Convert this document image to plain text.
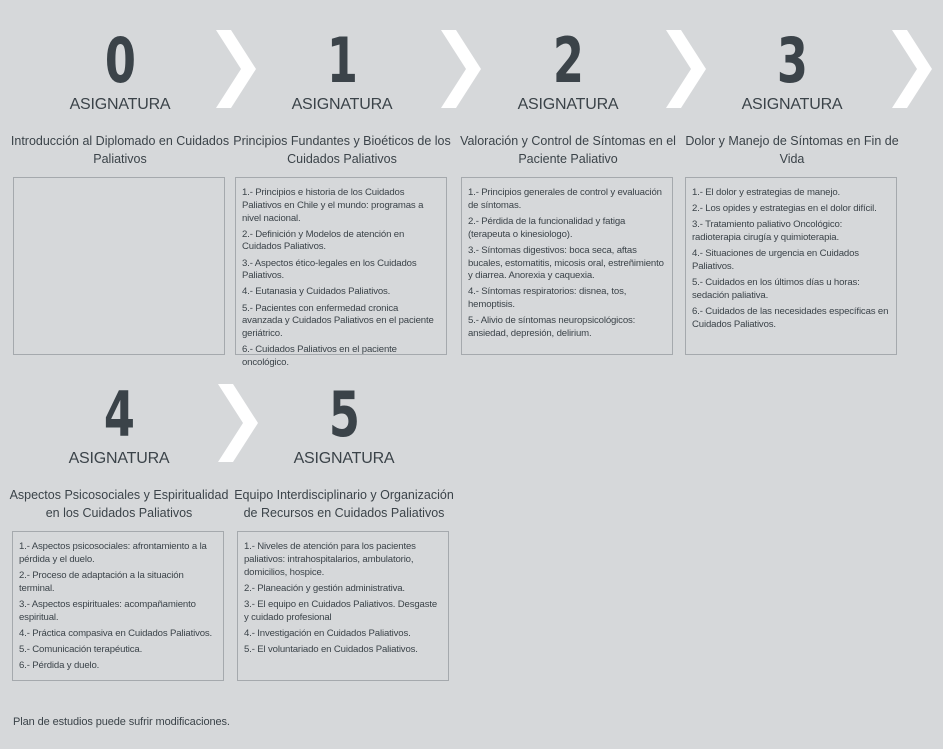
0
ASIGNATURA
Introducción al Diplomado en Cuidados Paliativos
1
ASIGNATURA
Principios Fundantes y Bioéticos de los Cuidados Paliativos
1.- Principios e historia de los Cuidados Paliativos en Chile y el mundo: programas a nivel nacional.
2.- Definición y Modelos de atención en Cuidados Paliativos.
3.- Aspectos ético-legales en los Cuidados Paliativos.
4.- Eutanasia y Cuidados Paliativos.
5.- Pacientes con enfermedad cronica avanzada y Cuidados Paliativos en el paciente geriátrico.
6.- Cuidados Paliativos en el paciente oncológico.
2
ASIGNATURA
Valoración y Control de Síntomas en el Paciente Paliativo
1.- Principios generales de control y evaluación de síntomas.
2.- Pérdida de la funcionalidad y fatiga (terapeuta o kinesiologo).
3.- Síntomas digestivos: boca seca, aftas bucales, estomatitis, micosis oral, estreñimiento y diarrea. Anorexia y caquexia.
4.- Síntomas respiratorios: disnea, tos, hemoptisis.
5.- Alivio de síntomas neuropsicológicos: ansiedad, depresión, delirium.
3
ASIGNATURA
Dolor y Manejo de Síntomas en Fin de Vida
1.- El dolor y estrategias de manejo.
2.- Los opides y estrategias en el dolor difícil.
3.- Tratamiento paliativo Oncológico: radioterapia cirugía y quimioterapia.
4.- Situaciones de urgencia en Cuidados Paliativos.
5.- Cuidados en los últimos días u horas: sedación paliativa.
6.- Cuidados de las necesidades específicas en Cuidados Paliativos.
4
ASIGNATURA
Aspectos Psicosociales y Espiritualidad en los Cuidados Paliativos
1.- Aspectos psicosociales: afrontamiento a la pérdida y el duelo.
2.- Proceso de adaptación a la situación terminal.
3.- Aspectos espirituales: acompañamiento espiritual.
4.- Práctica compasiva en Cuidados Paliativos.
5.- Comunicación terapéutica.
6.- Pérdida y duelo.
5
ASIGNATURA
Equipo Interdisciplinario y Organización de Recursos en Cuidados Paliativos
1.- Niveles de atención para los pacientes paliativos: intrahospitalarios, ambulatorio, domicilios, hospice.
2.- Planeación y gestión administrativa.
3.- El equipo en Cuidados Paliativos. Desgaste y cuidado profesional
4.- Investigación en Cuidados Paliativos.
5.- El voluntariado en Cuidados Paliativos.
Plan de estudios puede sufrir modificaciones.
